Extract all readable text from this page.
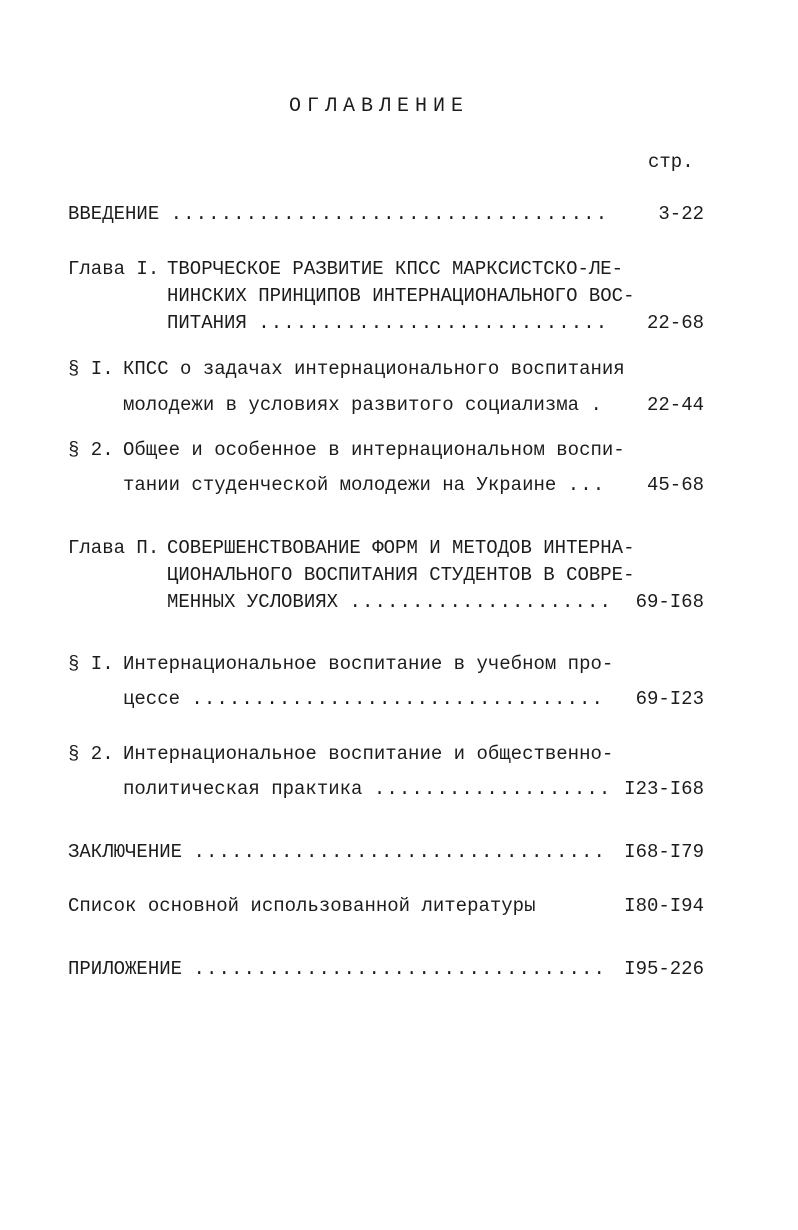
ОГЛАВЛЕНИЕ
стр.
ВВЕДЕНИЕ ...................................	3-22
Глава I. ТВОРЧЕСКОЕ РАЗВИТИЕ КПСС МАРКСИСТСКО-ЛЕ-
НИНСКИХ ПРИНЦИПОВ ИНТЕРНАЦИОНАЛЬНОГО ВОС-
ПИТАНИЯ ............................ 22-68
§ I. КПСС о задачах интернационального воспитания
молодежи в условиях развитого социализма . 22-44
§ 2. Общее и особенное в интернациональном воспи-
тании студенческой молодежи на Украине ... 45-68
Глава П. СОВЕРШЕНСТВОВАНИЕ ФОРМ И МЕТОДОВ ИНТЕРНА-
ЦИОНАЛЬНОГО ВОСПИТАНИЯ СТУДЕНТОВ В СОВРЕ-
МЕННЫХ УСЛОВИЯХ ..................... 69-I68
§ I. Интернациональное воспитание в учебном про-
цессе ................................. 69-I23
§ 2. Интернациональное воспитание и общественно-
политическая практика ................... I23-I68
ЗАКЛЮЧЕНИЕ ................................. I68-I79
Список основной использованной литературы	I80-I94
ПРИЛОЖЕНИЕ ................................. I95-226
